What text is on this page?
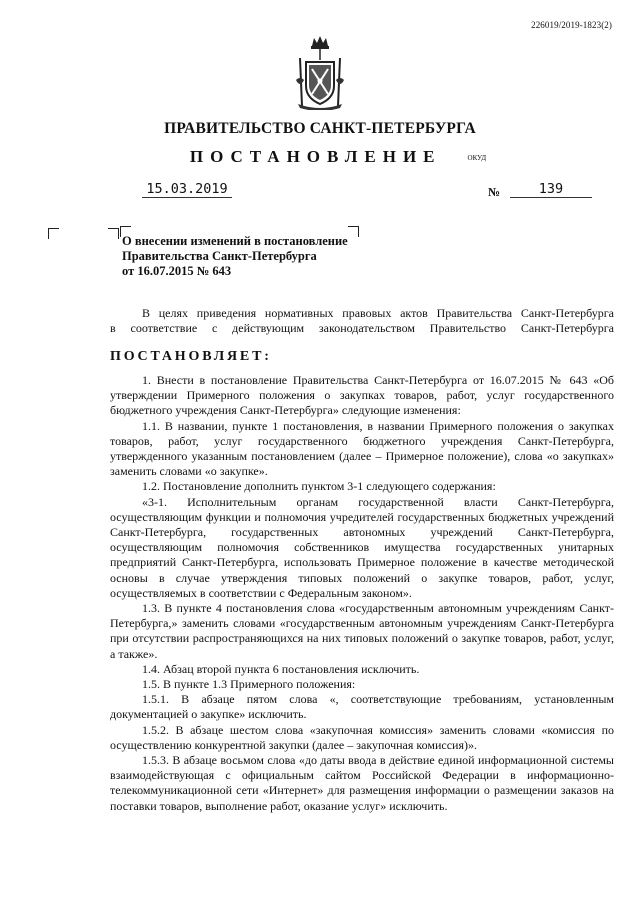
226019/2019-1823(2)
ПРАВИТЕЛЬСТВО САНКТ-ПЕТЕРБУРГА
ПОСТАНОВЛЕНИЕ	ОКУД
15.03.2019	№	139
О внесении изменений в постановление
Правительства Санкт-Петербурга
от 16.07.2015 № 643
В целях приведения нормативных правовых актов Правительства Санкт-Петербурга
в соответствие с действующим законодательством Правительство Санкт-Петербурга
ПОСТАНОВЛЯЕТ:

1. Внести в постановление Правительства Санкт-Петербурга от 16.07.2015 № 643 «Об утверждении Примерного положения о закупках товаров, работ, услуг государственного бюджетного учреждения Санкт-Петербурга» следующие изменения:

1.1. В названии, пункте 1 постановления, в названии Примерного положения о закупках товаров, работ, услуг государственного бюджетного учреждения Санкт-Петербурга, утвержденного указанным постановлением (далее – Примерное положение), слова «о закупках» заменить словами «о закупке».

1.2. Постановление дополнить пунктом 3-1 следующего содержания:

«3-1. Исполнительным органам государственной власти Санкт-Петербурга, осуществляющим функции и полномочия учредителей государственных бюджетных учреждений Санкт-Петербурга, государственных автономных учреждений Санкт-Петербурга, осуществляющим полномочия собственников имущества государственных унитарных предприятий Санкт-Петербурга, использовать Примерное положение в качестве методической основы в случае утверждения типовых положений о закупке товаров, работ, услуг, осуществляемых в соответствии с Федеральным законом».

1.3. В пункте 4 постановления слова «государственным автономным учреждениям Санкт-Петербурга,» заменить словами «государственным автономным учреждениям Санкт-Петербурга при отсутствии распространяющихся на них типовых положений о закупке товаров, работ, услуг, а также».

1.4. Абзац второй пункта 6 постановления исключить.

1.5. В пункте 1.3 Примерного положения:

1.5.1. В абзаце пятом слова «, соответствующие требованиям, установленным документацией о закупке» исключить.

1.5.2. В абзаце шестом слова «закупочная комиссия» заменить словами «комиссия по осуществлению конкурентной закупки (далее – закупочная комиссия)».

1.5.3. В абзаце восьмом слова «до даты ввода в действие единой информационной системы взаимодействующая с официальным сайтом Российской Федерации в информационно-телекоммуникационной сети «Интернет» для размещения информации о размещении заказов на поставки товаров, выполнение работ, оказание услуг» исключить.
